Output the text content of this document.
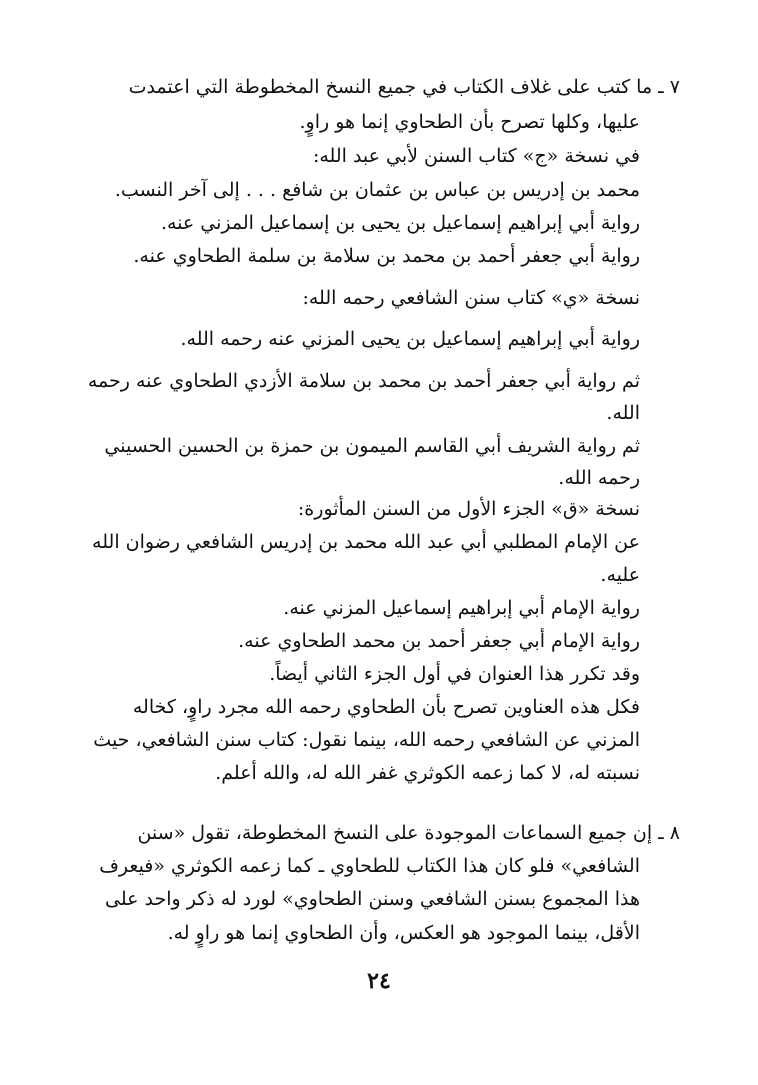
٧ ـ ما كتب على غلاف الكتاب في جميع النسخ المخطوطة التي اعتمدت

عليها، وكلها تصرح بأن الطحاوي إنما هو راوٍ.

في نسخة «ج» كتاب السنن لأبي عبد الله:

محمد بن إدريس بن عباس بن عثمان بن شافع . . . إلى آخر النسب.

رواية أبي إبراهيم إسماعيل بن يحيى بن إسماعيل المزني عنه.

رواية أبي جعفر أحمد بن محمد بن سلامة بن سلمة الطحاوي عنه.

نسخة «ي» كتاب سنن الشافعي رحمه الله:

رواية أبي إبراهيم إسماعيل بن يحيى المزني عنه رحمه الله.

ثم رواية أبي جعفر أحمد بن محمد بن سلامة الأزدي الطحاوي عنه رحمه

الله.

ثم رواية الشريف أبي القاسم الميمون بن حمزة بن الحسين الحسيني

رحمه الله.

نسخة «ق» الجزء الأول من السنن المأثورة:

عن الإمام المطلبي أبي عبد الله محمد بن إدريس الشافعي رضوان الله

عليه.

رواية الإمام أبي إبراهيم إسماعيل المزني عنه.

رواية الإمام أبي جعفر أحمد بن محمد الطحاوي عنه.

وقد تكرر هذا العنوان في أول الجزء الثاني أيضاً.

فكل هذه العناوين تصرح بأن الطحاوي رحمه الله مجرد راوٍ، كخاله

المزني عن الشافعي رحمه الله، بينما نقول: كتاب سنن الشافعي، حيث

نسبته له، لا كما زعمه الكوثري غفر الله له، والله أعلم.

٨ ـ إن جميع السماعات الموجودة على النسخ المخطوطة، تقول «سنن

الشافعي» فلو كان هذا الكتاب للطحاوي ـ كما زعمه الكوثري «فيعرف

هذا المجموع بسنن الشافعي وسنن الطحاوي» لورد له ذكر واحد على

الأقل، بينما الموجود هو العكس، وأن الطحاوي إنما هو راوٍ له.

٢٤
